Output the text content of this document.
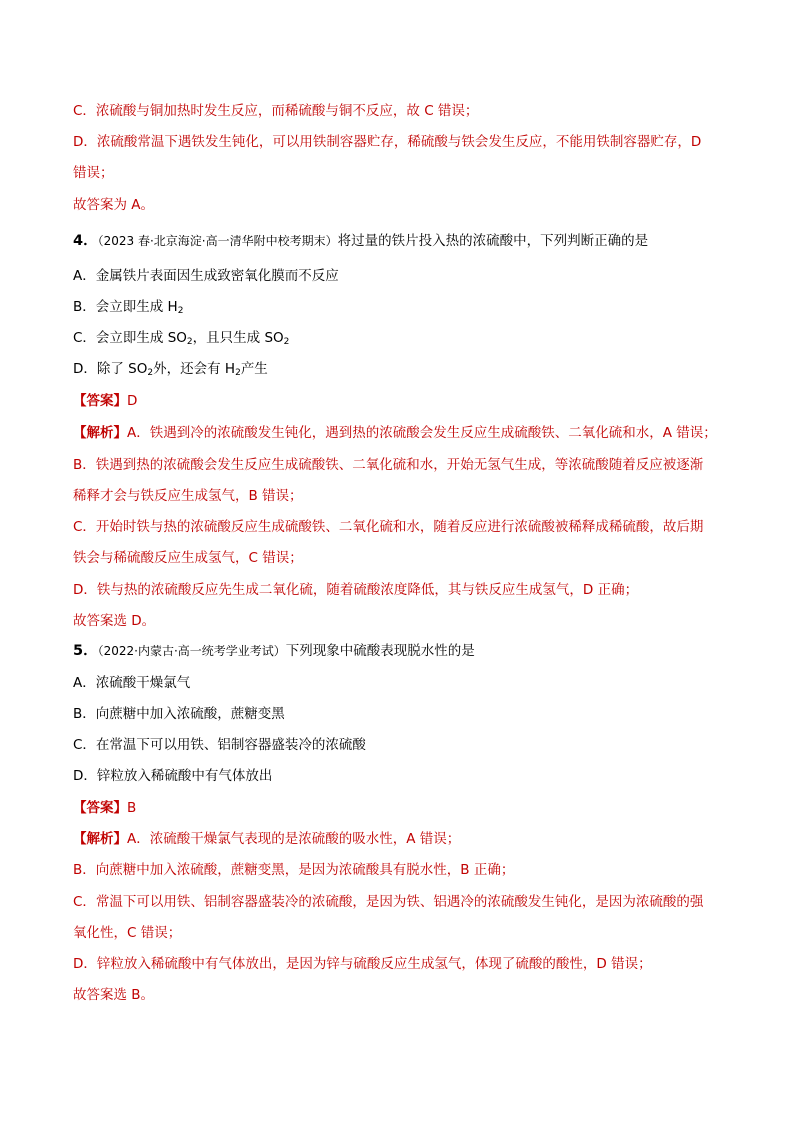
C．浓硫酸与铜加热时发生反应，而稀硫酸与铜不反应，故 C 错误；
D．浓硫酸常温下遇铁发生钝化，可以用铁制容器贮存，稀硫酸与铁会发生反应，不能用铁制容器贮存，D
错误；
故答案为 A。
4．（2023 春·北京海淀·高一清华附中校考期末）将过量的铁片投入热的浓硫酸中，下列判断正确的是
A．金属铁片表面因生成致密氧化膜而不反应
B．会立即生成 $H_2$
C．会立即生成 $SO_2$，且只生成 $SO_2$
D．除了 $SO_2$外，还会有 $H_2$产生
【答案】D
【解析】A．铁遇到冷的浓硫酸发生钝化，遇到热的浓硫酸会发生反应生成硫酸铁、二氧化硫和水，A 错误；
B．铁遇到热的浓硫酸会发生反应生成硫酸铁、二氧化硫和水，开始无氢气生成，等浓硫酸随着反应被逐渐
稀释才会与铁反应生成氢气，B 错误；
C．开始时铁与热的浓硫酸反应生成硫酸铁、二氧化硫和水，随着反应进行浓硫酸被稀释成稀硫酸，故后期
铁会与稀硫酸反应生成氢气，C 错误；
D．铁与热的浓硫酸反应先生成二氧化硫，随着硫酸浓度降低，其与铁反应生成氢气，D 正确；
故答案选 D。
5．（2022·内蒙古·高一统考学业考试）下列现象中硫酸表现脱水性的是
A．浓硫酸干燥氯气
B．向蔗糖中加入浓硫酸，蔗糖变黑
C．在常温下可以用铁、铝制容器盛装冷的浓硫酸
D．锌粒放入稀硫酸中有气体放出
【答案】B
【解析】A．浓硫酸干燥氯气表现的是浓硫酸的吸水性，A 错误；
B．向蔗糖中加入浓硫酸，蔗糖变黑，是因为浓硫酸具有脱水性，B 正确；
C．常温下可以用铁、铝制容器盛装冷的浓硫酸，是因为铁、铝遇冷的浓硫酸发生钝化，是因为浓硫酸的强
氧化性，C 错误；
D．锌粒放入稀硫酸中有气体放出，是因为锌与硫酸反应生成氢气，体现了硫酸的酸性，D 错误；
故答案选 B。
